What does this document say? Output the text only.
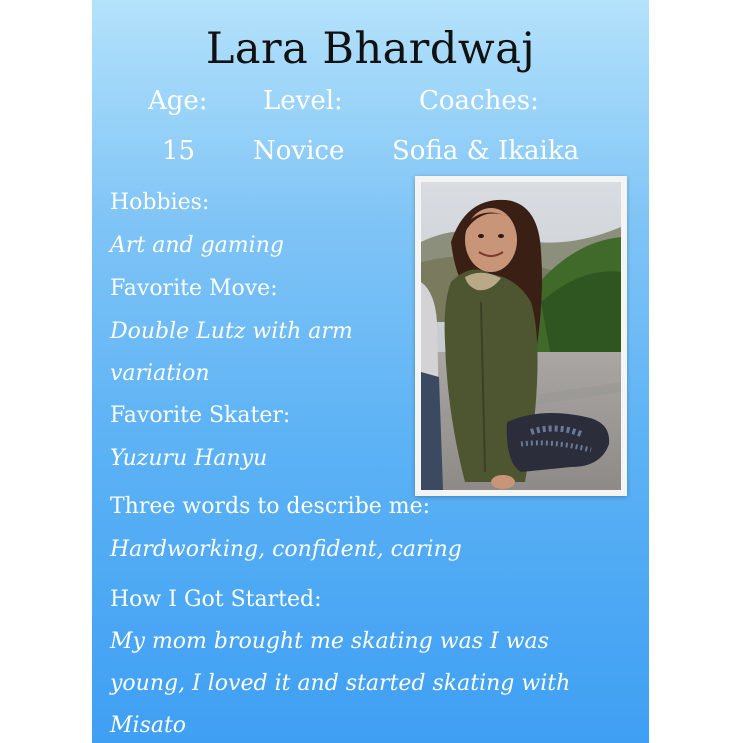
Lara Bhardwaj
Age: Level:	Coaches:
15 Novice Sofia & Ikaika
Hobbies:
Art and gaming
Favorite Move:
Double Lutz with arm
variation
Favorite Skater:
Yuzuru Hanyu
Three words to describe me:
Hardworking, confident, caring
How I Got Started:
My mom brought me skating was I was
young, I loved it and started skating with
Misato
